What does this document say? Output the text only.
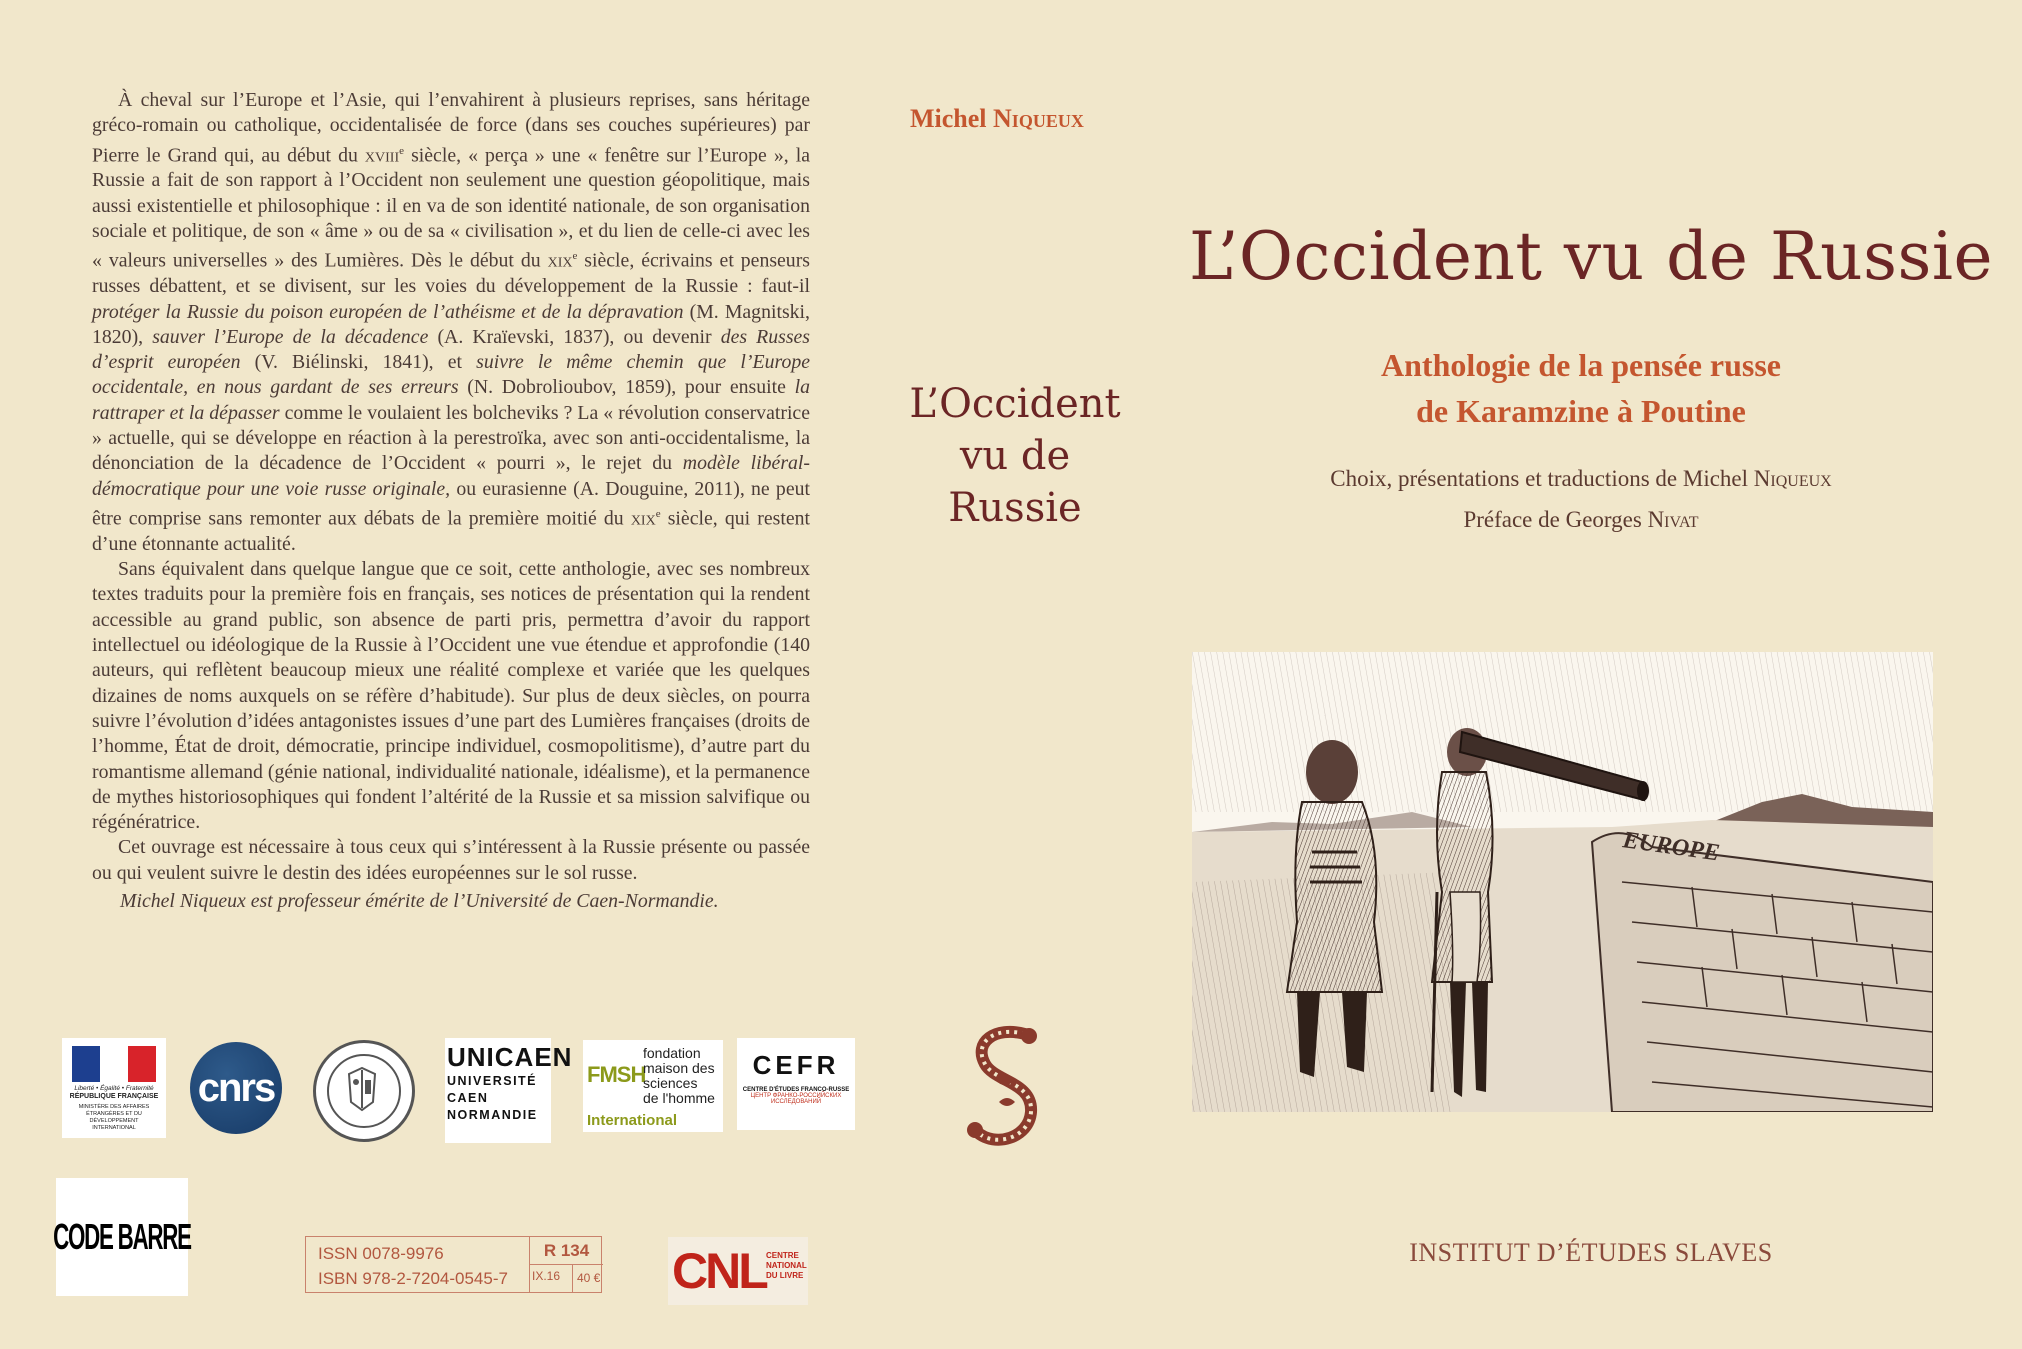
À cheval sur l’Europe et l’Asie, qui l’envahirent à plusieurs reprises, sans héritage gréco-romain ou catholique, occidentalisée de force (dans ses couches supérieures) par Pierre le Grand qui, au début du xviii$^e$ siècle, « perça » une « fenêtre sur l’Europe », la Russie a fait de son rapport à l’Occident non seulement une question géopolitique, mais aussi existentielle et philosophique : il en va de son identité nationale, de son organisation sociale et politique, de son « âme » ou de sa « civilisation », et du lien de celle-ci avec les « valeurs universelles » des Lumières. Dès le début du xix$^e$ siècle, écrivains et penseurs russes débattent, et se divisent, sur les voies du développement de la Russie : faut-il protéger la Russie du poison européen de l’athéisme et de la dépravation (M. Magnitski, 1820), sauver l’Europe de la décadence (A. Kraïevski, 1837), ou devenir des Russes d’esprit européen (V. Biélinski, 1841), et suivre le même chemin que l’Europe occidentale, en nous gardant de ses erreurs (N. Dobrolioubov, 1859), pour ensuite la rattraper et la dépasser comme le voulaient les bolcheviks ? La « révolution conservatrice » actuelle, qui se développe en réaction à la perestroïka, avec son anti-occidentalisme, la dénonciation de la décadence de l’Occident « pourri », le rejet du modèle libéral-démocratique pour une voie russe originale, ou eurasienne (A. Douguine, 2011), ne peut être comprise sans remonter aux débats de la première moitié du xix$^e$ siècle, qui restent d’une étonnante actualité.

Sans équivalent dans quelque langue que ce soit, cette anthologie, avec ses nombreux textes traduits pour la première fois en français, ses notices de présentation qui la rendent accessible au grand public, son absence de parti pris, permettra d’avoir du rapport intellectuel ou idéologique de la Russie à l’Occident une vue étendue et approfondie (140 auteurs, qui reflètent beaucoup mieux une réalité complexe et variée que les quelques dizaines de noms auxquels on se réfère d’habitude). Sur plus de deux siècles, on pourra suivre l’évolution d’idées antagonistes issues d’une part des Lumières françaises (droits de l’homme, État de droit, démocratie, principe individuel, cosmopolitisme), d’autre part du romantisme allemand (génie national, individualité nationale, idéalisme), et la permanence de mythes historiosophiques qui fondent l’altérité de la Russie et sa mission salvifique ou régénératrice.

Cet ouvrage est nécessaire à tous ceux qui s’intéressent à la Russie présente ou passée ou qui veulent suivre le destin des idées européennes sur le sol russe.

Michel Niqueux est professeur émérite de l’Université de Caen-Normandie.
Liberté • Égalité • Fraternité
RÉPUBLIQUE FRANÇAISE
MINISTÈRE DES AFFAIRES ÉTRANGÈRES ET DU DÉVELOPPEMENT INTERNATIONAL
cnrs
UNICAEN
UNIVERSITÉ
CAEN
NORMANDIE
FMSH
fondation
maison des
sciences
de l'homme
International
CEFR
CENTRE D'ÉTUDES FRANCO-RUSSE
ЦЕНТР ФРАНКО-РОССИЙСКИХ ИССЛЕДОВАНИЙ
CODE BARRE	ISSN 0078-9976
ISBN 978-2-7204-0545-7
R 134
IX.16	40 € CNL CENTRE
NATIONAL
DU LIVRE
Michel Niqueux
L’Occident
vu de Russie
L’Occident vu de Russie
Anthologie de la pensée russe
de Karamzine à Poutine
Choix, présentations et traductions de Michel Niqueux
Préface de Georges Nivat
EUROPE
INSTITUT D’ÉTUDES SLAVES
